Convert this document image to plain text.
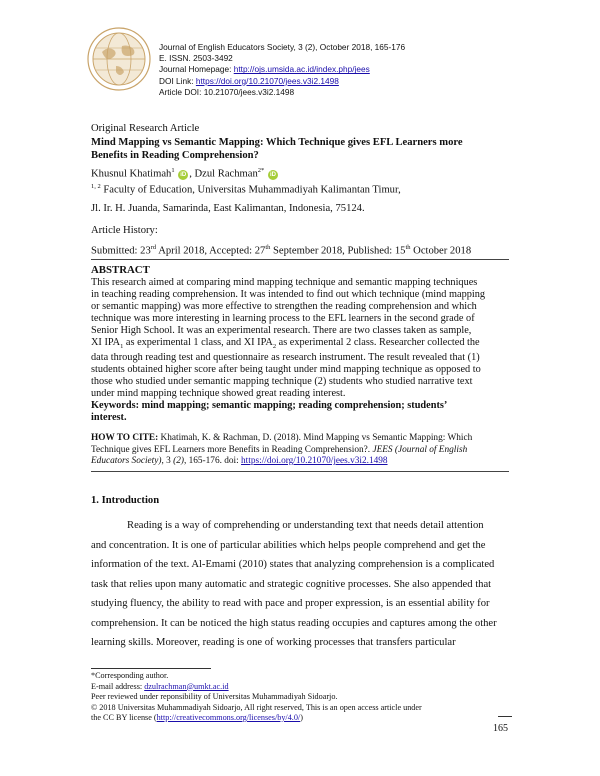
Journal of English Educators Society, 3 (2), October 2018, 165-176
E. ISSN. 2503-3492
Journal Homepage: http://ojs.umsida.ac.id/index.php/jees
DOI Link: https://doi.org/10.21070/jees.v3i2.1498
Article DOI: 10.21070/jees.v3i2.1498
Original Research Article
Mind Mapping vs Semantic Mapping: Which Technique gives EFL Learners more
Benefits in Reading Comprehension?
Khusnul Khatimah$^1$ iD , Dzul Rachman$^{2*}$ iD
$^{1, 2}$ Faculty of Education, Universitas Muhammadiyah Kalimantan Timur,
Jl. Ir. H. Juanda, Samarinda, East Kalimantan, Indonesia, 75124.
Article History:
Submitted: 23rd April 2018, Accepted: 27th September 2018, Published: 15th October 2018
ABSTRACT
This research aimed at comparing mind mapping technique and semantic mapping techniques
in teaching reading comprehension. It was intended to find out which technique (mind mapping
or semantic mapping) was more effective to strengthen the reading comprehension and which
technique was more interesting in learning process to the EFL learners in the second grade of
Senior High School. It was an experimental research. There are two classes taken as sample,
XI $IPA_1$ as experimental 1 class, and XI $IPA_2$ as experimental 2 class. Researcher collected the
data through reading test and questionnaire as research instrument. The result revealed that (1)
students obtained higher score after being taught under mind mapping technique as opposed to
those who studied under semantic mapping technique (2) students who studied narrative text
under mind mapping technique showed great reading interest.
Keywords: mind mapping; semantic mapping; reading comprehension; students’
interest.
HOW TO CITE: Khatimah, K. & Rachman, D. (2018). Mind Mapping vs Semantic Mapping: Which
Technique gives EFL Learners more Benefits in Reading Comprehension?. JEES (Journal of English
Educators Society), 3 (2), 165-176. doi: https://doi.org/10.21070/jees.v3i2.1498
1. Introduction
Reading is a way of comprehending or understanding text that needs detail attention
and concentration. It is one of particular abilities which helps people comprehend and get the
information of the text. Al-Emami (2010) states that analyzing comprehension is a complicated
task that relies upon many automatic and strategic cognitive processes. She also appended that
studying fluency, the ability to read with pace and proper expression, is an essential ability for
comprehension. It can be noticed the high status reading occupies and captures among the other
learning skills. Moreover, reading is one of working processes that transfers particular
*Corresponding author.
E-mail address: dzulrachman@umkt.ac.id
Peer reviewed under reponsibility of Universitas Muhammadiyah Sidoarjo.
© 2018 Universitas Muhammadiyah Sidoarjo, All right reserved, This is an open access article under
the CC BY license (http://creativecommons.org/licenses/by/4.0/)
165
